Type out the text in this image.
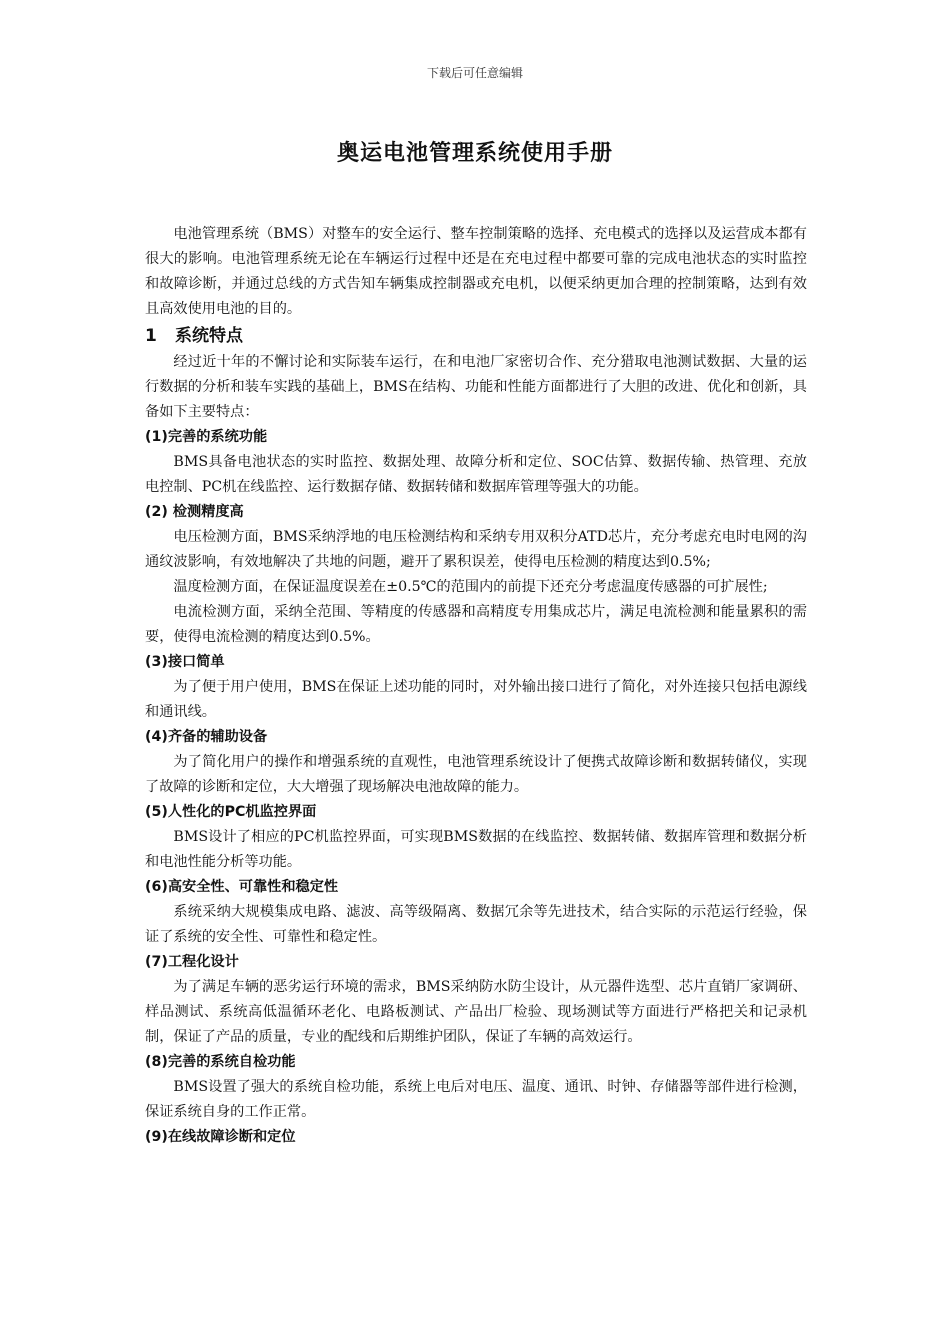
下载后可任意编辑
奥运电池管理系统使用手册

电池管理系统（BMS）对整车的安全运行、整车控制策略的选择、充电模式的选择以及运营成本都有很大的影响。电池管理系统无论在车辆运行过程中还是在充电过程中都要可靠的完成电池状态的实时监控和故障诊断，并通过总线的方式告知车辆集成控制器或充电机，以便采纳更加合理的控制策略，达到有效且高效使用电池的目的。

1 系统特点

经过近十年的不懈讨论和实际装车运行，在和电池厂家密切合作、充分猎取电池测试数据、大量的运行数据的分析和装车实践的基础上，BMS在结构、功能和性能方面都进行了大胆的改进、优化和创新，具备如下主要特点：

(1)完善的系统功能

BMS具备电池状态的实时监控、数据处理、故障分析和定位、SOC估算、数据传输、热管理、充放电控制、PC机在线监控、运行数据存储、数据转储和数据库管理等强大的功能。

(2) 检测精度高

电压检测方面，BMS采纳浮地的电压检测结构和采纳专用双积分ATD芯片，充分考虑充电时电网的沟通纹波影响，有效地解决了共地的问题，避开了累积误差，使得电压检测的精度达到0.5%;

温度检测方面，在保证温度误差在±0.5℃的范围内的前提下还充分考虑温度传感器的可扩展性;

电流检测方面，采纳全范围、等精度的传感器和高精度专用集成芯片，满足电流检测和能量累积的需要，使得电流检测的精度达到0.5%。

(3)接口简单

为了便于用户使用，BMS在保证上述功能的同时，对外输出接口进行了简化，对外连接只包括电源线和通讯线。

(4)齐备的辅助设备

为了简化用户的操作和增强系统的直观性，电池管理系统设计了便携式故障诊断和数据转储仪，实现了故障的诊断和定位，大大增强了现场解决电池故障的能力。

(5)人性化的PC机监控界面

BMS设计了相应的PC机监控界面，可实现BMS数据的在线监控、数据转储、数据库管理和数据分析和电池性能分析等功能。

(6)高安全性、可靠性和稳定性

系统采纳大规模集成电路、滤波、高等级隔离、数据冗余等先进技术，结合实际的示范运行经验，保证了系统的安全性、可靠性和稳定性。

(7)工程化设计

为了满足车辆的恶劣运行环境的需求，BMS采纳防水防尘设计，从元器件选型、芯片直销厂家调研、样品测试、系统高低温循环老化、电路板测试、产品出厂检验、现场测试等方面进行严格把关和记录机制，保证了产品的质量，专业的配线和后期维护团队，保证了车辆的高效运行。

(8)完善的系统自检功能

BMS设置了强大的系统自检功能，系统上电后对电压、温度、通讯、时钟、存储器等部件进行检测，保证系统自身的工作正常。

(9)在线故障诊断和定位
